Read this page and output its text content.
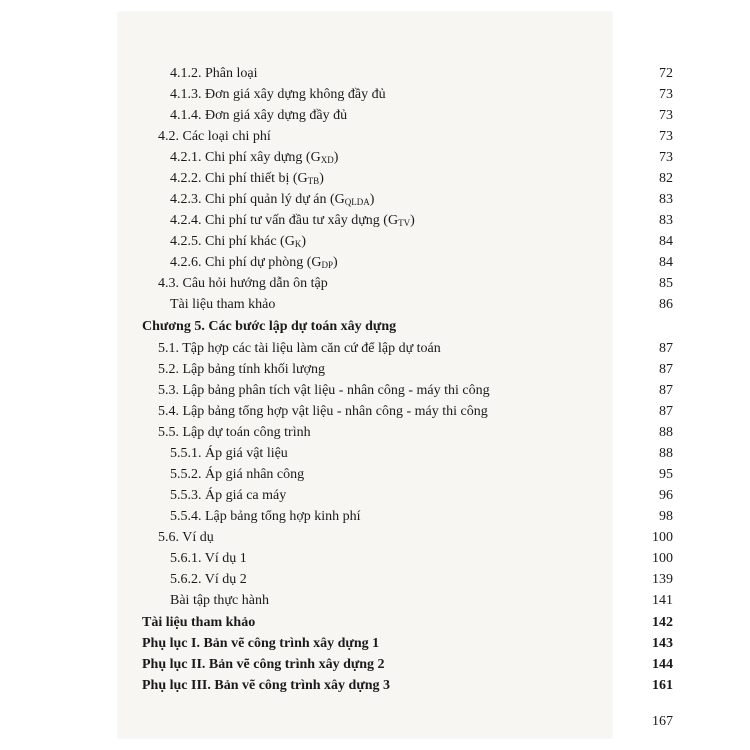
4.1.2. Phân loại	72
4.1.3. Đơn giá xây dựng không đầy đủ	73
4.1.4. Đơn giá xây dựng đầy đủ	73
4.2. Các loại chi phí	73
4.2.1. Chi phí xây dựng $(G_{XD})$	73
4.2.2. Chi phí thiết bị $(G_{TB})$	82
4.2.3. Chi phí quản lý dự án $(G_{QLDA})$	83
4.2.4. Chi phí tư vấn đầu tư xây dựng $(G_{TV})$	83
4.2.5. Chi phí khác $(G_K)$	84
4.2.6. Chi phí dự phòng $(G_{DP})$	84
4.3. Câu hỏi hướng dẫn ôn tập	85
Tài liệu tham khảo	86
Chương 5. Các bước lập dự toán xây dựng
5.1. Tập hợp các tài liệu làm căn cứ để lập dự toán	87
5.2. Lập bảng tính khối lượng	87
5.3. Lập bảng phân tích vật liệu - nhân công - máy thi công	87
5.4. Lập bảng tổng hợp vật liệu - nhân công - máy thi công	87
5.5. Lập dự toán công trình	88
5.5.1. Áp giá vật liệu	88
5.5.2. Áp giá nhân công	95
5.5.3. Áp giá ca máy	96
5.5.4. Lập bảng tổng hợp kinh phí	98
5.6. Ví dụ	100
5.6.1. Ví dụ 1	100
5.6.2. Ví dụ 2	139
Bài tập thực hành	141
Tài liệu tham khảo	142
Phụ lục I. Bản vẽ công trình xây dựng 1	143
Phụ lục II. Bản vẽ công trình xây dựng 2	144
Phụ lục III. Bản vẽ công trình xây dựng 3	161
167
